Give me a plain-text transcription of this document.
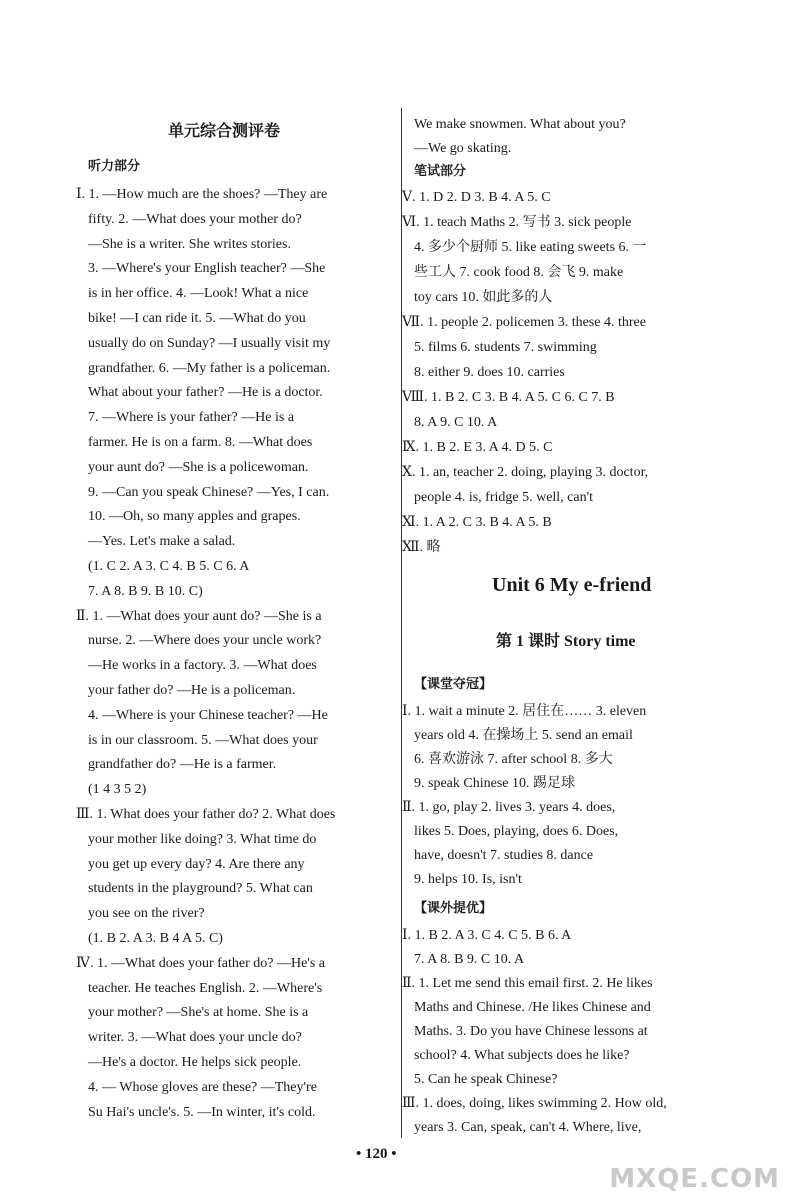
单元综合测评卷
听力部分
Ⅰ. 1. —How much are the shoes? —They are
fifty. 2. —What does your mother do?
—She is a writer. She writes stories.
3. —Where's your English teacher? —She
is in her office. 4. —Look! What a nice
bike! —I can ride it. 5. —What do you
usually do on Sunday? —I usually visit my
grandfather. 6. —My father is a policeman.
What about your father? —He is a doctor.
7. —Where is your father? —He is a
farmer. He is on a farm. 8. —What does
your aunt do? —She is a policewoman.
9. —Can you speak Chinese? —Yes, I can.
10. —Oh, so many apples and grapes.
—Yes. Let's make a salad.
(1. C 2. A 3. C 4. B 5. C 6. A
7. A 8. B 9. B 10. C)
Ⅱ. 1. —What does your aunt do? —She is a
nurse. 2. —Where does your uncle work?
—He works in a factory. 3. —What does
your father do? —He is a policeman.
4. —Where is your Chinese teacher? —He
is in our classroom. 5. —What does your
grandfather do? —He is a farmer.
(1 4 3 5 2)
Ⅲ. 1. What does your father do? 2. What does
your mother like doing? 3. What time do
you get up every day? 4. Are there any
students in the playground? 5. What can
you see on the river?
(1. B 2. A 3. B 4 A 5. C)
Ⅳ. 1. —What does your father do? —He's a
teacher. He teaches English. 2. —Where's
your mother? —She's at home. She is a
writer. 3. —What does your uncle do?
—He's a doctor. He helps sick people.
4. — Whose gloves are these? —They're
Su Hai's uncle's. 5. —In winter, it's cold.
We make snowmen. What about you?
—We go skating.
笔试部分
Ⅴ. 1. D 2. D 3. B 4. A 5. C
Ⅵ. 1. teach Maths 2. 写书 3. sick people
4. 多少个厨师 5. like eating sweets 6. 一
些工人 7. cook food 8. 会飞 9. make
toy cars 10. 如此多的人
Ⅶ. 1. people 2. policemen 3. these 4. three
5. films 6. students 7. swimming
8. either 9. does 10. carries
Ⅷ. 1. B 2. C 3. B 4. A 5. C 6. C 7. B
8. A 9. C 10. A
Ⅸ. 1. B 2. E 3. A 4. D 5. C
Ⅹ. 1. an, teacher 2. doing, playing 3. doctor,
people 4. is, fridge 5. well, can't
Ⅺ. 1. A 2. C 3. B 4. A 5. B
Ⅻ. 略
Unit 6 My e-friend
第 1 课时 Story time
【课堂夺冠】
Ⅰ. 1. wait a minute 2. 居住在…… 3. eleven
years old 4. 在操场上 5. send an email
6. 喜欢游泳 7. after school 8. 多大
9. speak Chinese 10. 踢足球
Ⅱ. 1. go, play 2. lives 3. years 4. does,
likes 5. Does, playing, does 6. Does,
have, doesn't 7. studies 8. dance
9. helps 10. Is, isn't
【课外提优】
Ⅰ. 1. B 2. A 3. C 4. C 5. B 6. A
7. A 8. B 9. C 10. A
Ⅱ. 1. Let me send this email first. 2. He likes
Maths and Chinese. /He likes Chinese and
Maths. 3. Do you have Chinese lessons at
school? 4. What subjects does he like?
5. Can he speak Chinese?
Ⅲ. 1. does, doing, likes swimming 2. How old,
years 3. Can, speak, can't 4. Where, live,
• 120 •
MXQE.COM
